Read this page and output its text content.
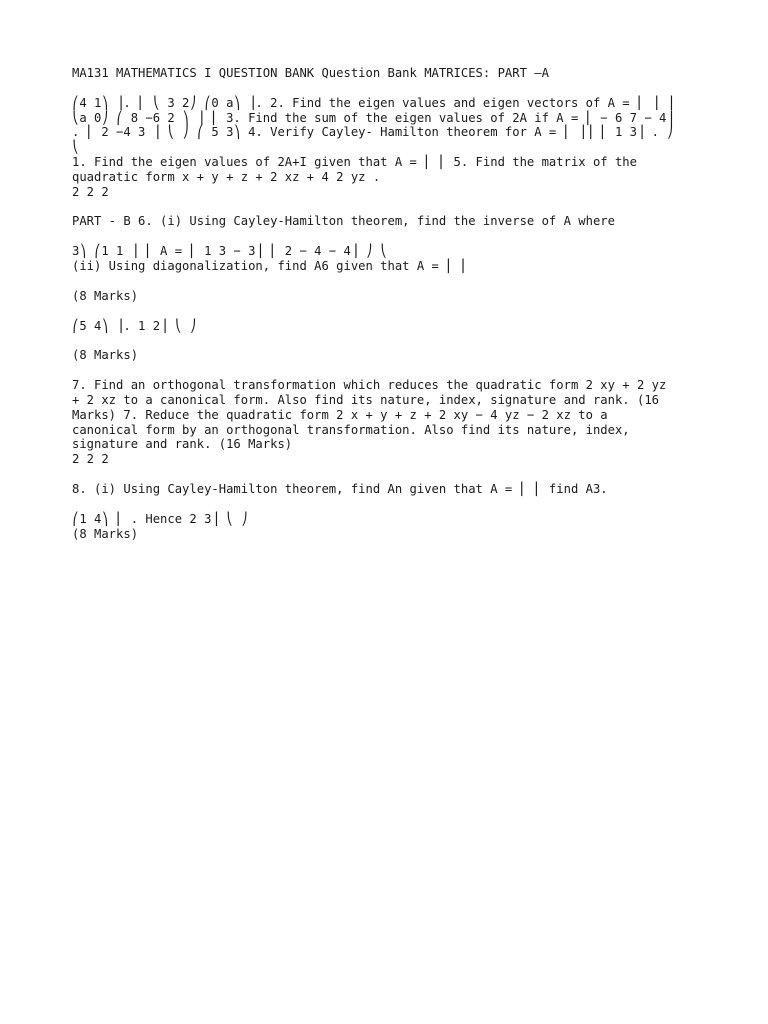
MA131 MATHEMATICS I QUESTION BANK Question Bank MATRICES: PART –A

⎛4 1⎞ ⎟. ⎜ ⎝ 3 2⎠ ⎛0 a⎞ ⎟. 2. Find the eigen values and eigen vectors of A = ⎜ ⎟ ⎟
⎝a 0⎠ ⎛ 8 −6 2 ⎞ ⎟ ⎜ 3. Find the sum of the eigen values of 2A if A = ⎜ − 6 7 − 4⎟
. ⎜ 2 −4 3 ⎟ ⎝ ⎠ ⎛ 5 3⎞ 4. Verify Cayley- Hamilton theorem for A = ⎜ ⎟⎟ ⎜ 1 3⎟ . ⎠
⎝
1. Find the eigen values of 2A+I given that A = ⎜ ⎜ 5. Find the matrix of the
quadratic form x + y + z + 2 xz + 4 2 yz .
2 2 2

PART - B 6. (i) Using Cayley-Hamilton theorem, find the inverse of A where

3⎞ ⎛1 1 ⎟ ⎜ A = ⎜ 1 3 − 3⎟ ⎜ 2 − 4 − 4⎟ ⎠ ⎝
(ii) Using diagonalization, find A6 given that A = ⎜ ⎜

(8 Marks)

⎛5 4⎞ ⎟. 1 2⎟ ⎝ ⎠

(8 Marks)

7. Find an orthogonal transformation which reduces the quadratic form 2 xy + 2 yz
+ 2 xz to a canonical form. Also find its nature, index, signature and rank. (16
Marks) 7. Reduce the quadratic form 2 x + y + z + 2 xy − 4 yz − 2 xz to a
canonical form by an orthogonal transformation. Also find its nature, index,
signature and rank. (16 Marks)
2 2 2

8. (i) Using Cayley-Hamilton theorem, find An given that A = ⎜ ⎜ find A3.

⎛1 4⎞ ⎜ . Hence 2 3⎟ ⎝ ⎠
(8 Marks)
